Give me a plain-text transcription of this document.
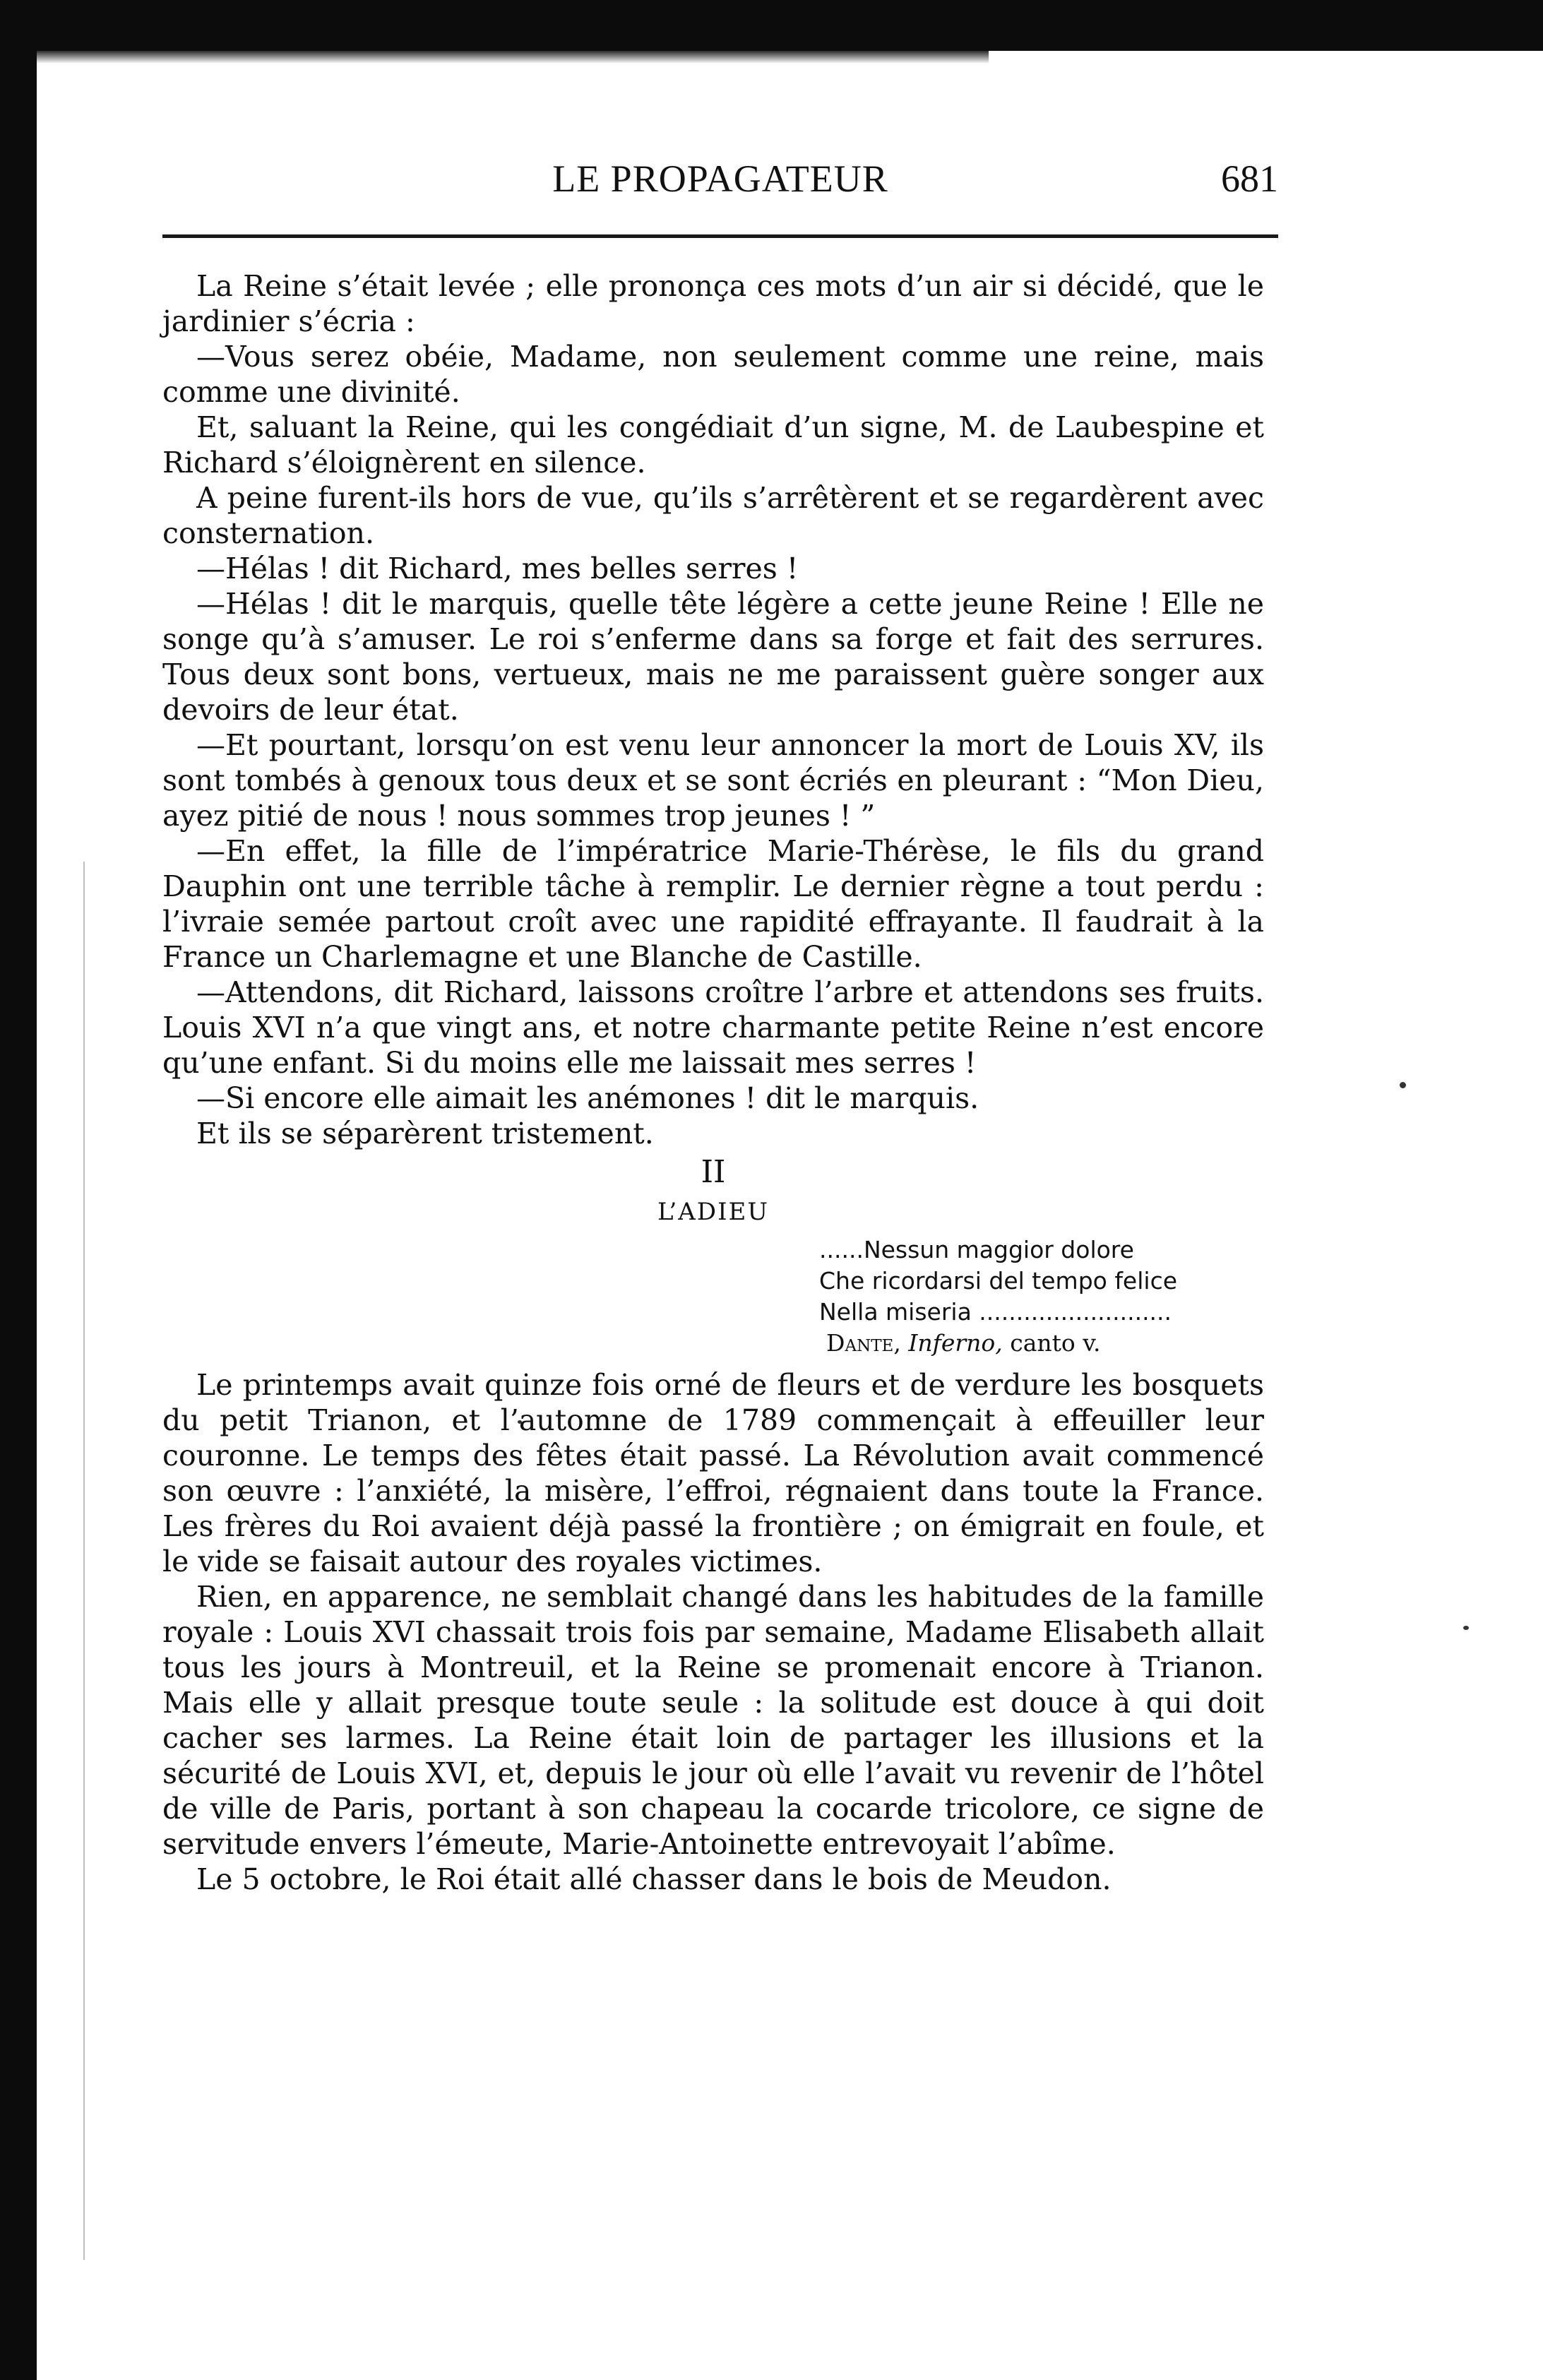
LE PROPAGATEUR	681

La Reine s’était levée ; elle prononça ces mots d’un air si décidé, que le jardinier s’écria :

—Vous serez obéie, Madame, non seulement comme une reine, mais comme une divinité.

Et, saluant la Reine, qui les congédiait d’un signe, M. de Laubespine et Richard s’éloignèrent en silence.

A peine furent-ils hors de vue, qu’ils s’arrêtèrent et se regardèrent avec consternation.

—Hélas ! dit Richard, mes belles serres !

—Hélas ! dit le marquis, quelle tête légère a cette jeune Reine ! Elle ne songe qu’à s’amuser. Le roi s’enferme dans sa forge et fait des serrures. Tous deux sont bons, vertueux, mais ne me paraissent guère songer aux devoirs de leur état.

—Et pourtant, lorsqu’on est venu leur annoncer la mort de Louis XV, ils sont tombés à genoux tous deux et se sont écriés en pleurant : “Mon Dieu, ayez pitié de nous ! nous sommes trop jeunes ! ”

—En effet, la fille de l’impératrice Marie-Thérèse, le fils du grand Dauphin ont une terrible tâche à remplir. Le dernier règne a tout perdu : l’ivraie semée partout croît avec une rapidité effrayante. Il faudrait à la France un Charlemagne et une Blanche de Castille.

—Attendons, dit Richard, laissons croître l’arbre et attendons ses fruits. Louis XVI n’a que vingt ans, et notre charmante petite Reine n’est encore qu’une enfant. Si du moins elle me laissait mes serres !

—Si encore elle aimait les anémones ! dit le marquis.

Et ils se séparèrent tristement.

II
L’ADIEU
......Nessun maggior dolore
Che ricordarsi del tempo felice
Nella miseria ..........................
Dante, Inferno, canto v.

Le printemps avait quinze fois orné de fleurs et de verdure les bosquets du petit Trianon, et l’automne de 1789 commençait à effeuiller leur couronne. Le temps des fêtes était passé. La Révolution avait commencé son œuvre : l’anxiété, la misère, l’effroi, régnaient dans toute la France. Les frères du Roi avaient déjà passé la frontière ; on émigrait en foule, et le vide se faisait autour des royales victimes.

Rien, en apparence, ne semblait changé dans les habitudes de la famille royale : Louis XVI chassait trois fois par semaine, Madame Elisabeth allait tous les jours à Montreuil, et la Reine se promenait encore à Trianon. Mais elle y allait presque toute seule : la solitude est douce à qui doit cacher ses larmes. La Reine était loin de partager les illusions et la sécurité de Louis XVI, et, depuis le jour où elle l’avait vu revenir de l’hôtel de ville de Paris, portant à son chapeau la cocarde tricolore, ce signe de servitude envers l’émeute, Marie-Antoinette entrevoyait l’abîme.

Le 5 octobre, le Roi était allé chasser dans le bois de Meudon.
